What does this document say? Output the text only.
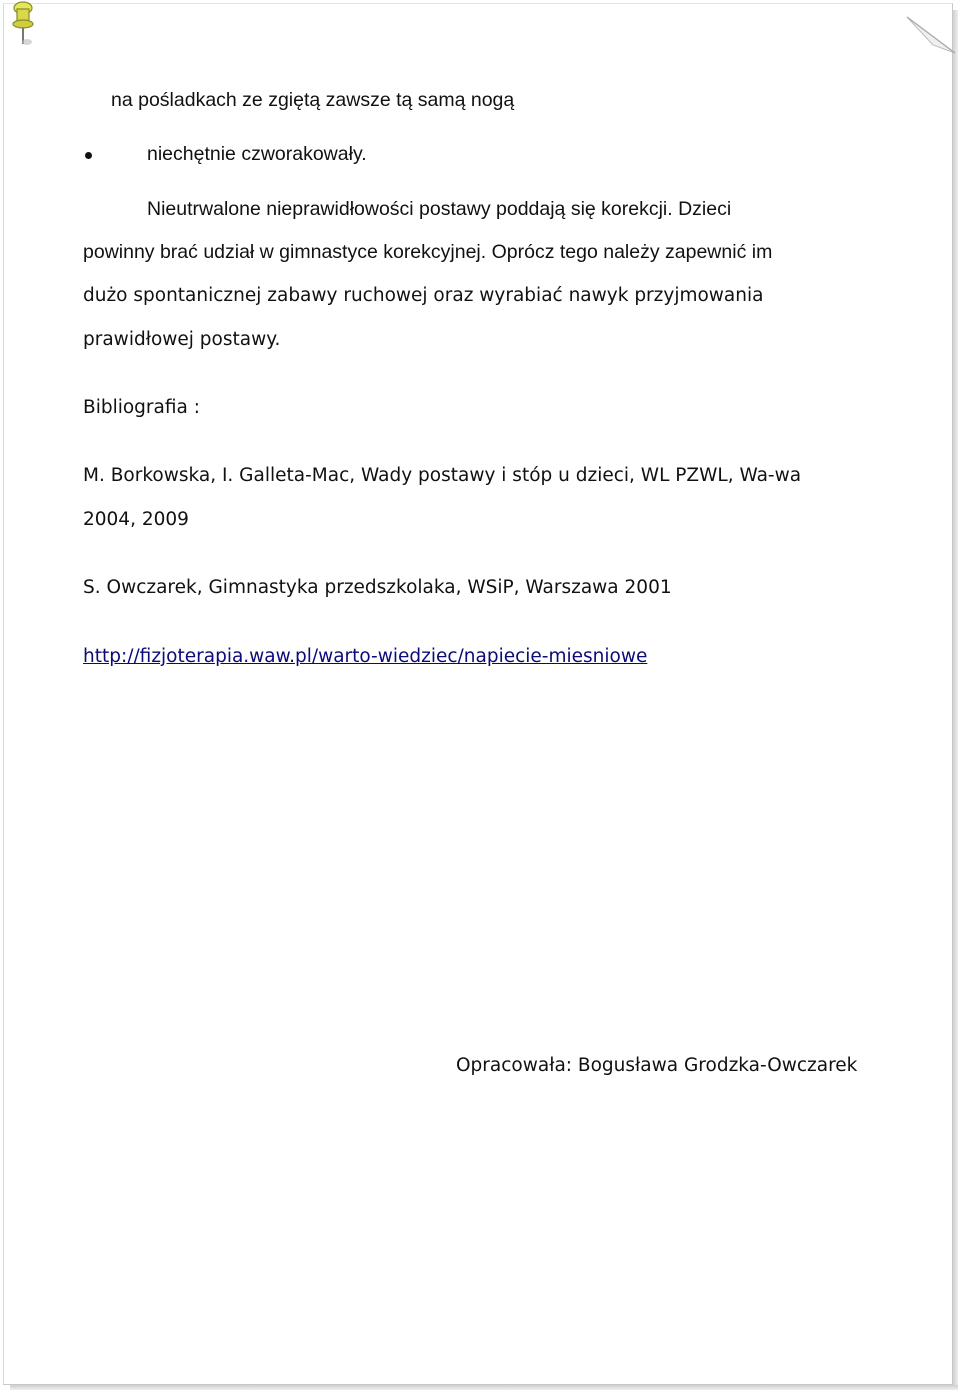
na pośladkach ze zgiętą zawsze tą samą nogą

niechętnie czworakowały.

Nieutrwalone nieprawidłowości postawy poddają się korekcji. Dzieci

powinny brać udział w gimnastyce korekcyjnej. Oprócz tego należy zapewnić im

dużo spontanicznej zabawy ruchowej oraz wyrabiać nawyk przyjmowania

prawidłowej postawy.

Bibliografia :

M. Borkowska, I. Galleta-Mac, Wady postawy i stóp u dzieci, WL PZWL, Wa-wa

2004, 2009

S. Owczarek, Gimnastyka przedszkolaka, WSiP, Warszawa 2001

http://fizjoterapia.waw.pl/warto-wiedziec/napiecie-miesniowe

Opracowała: Bogusława Grodzka-Owczarek
